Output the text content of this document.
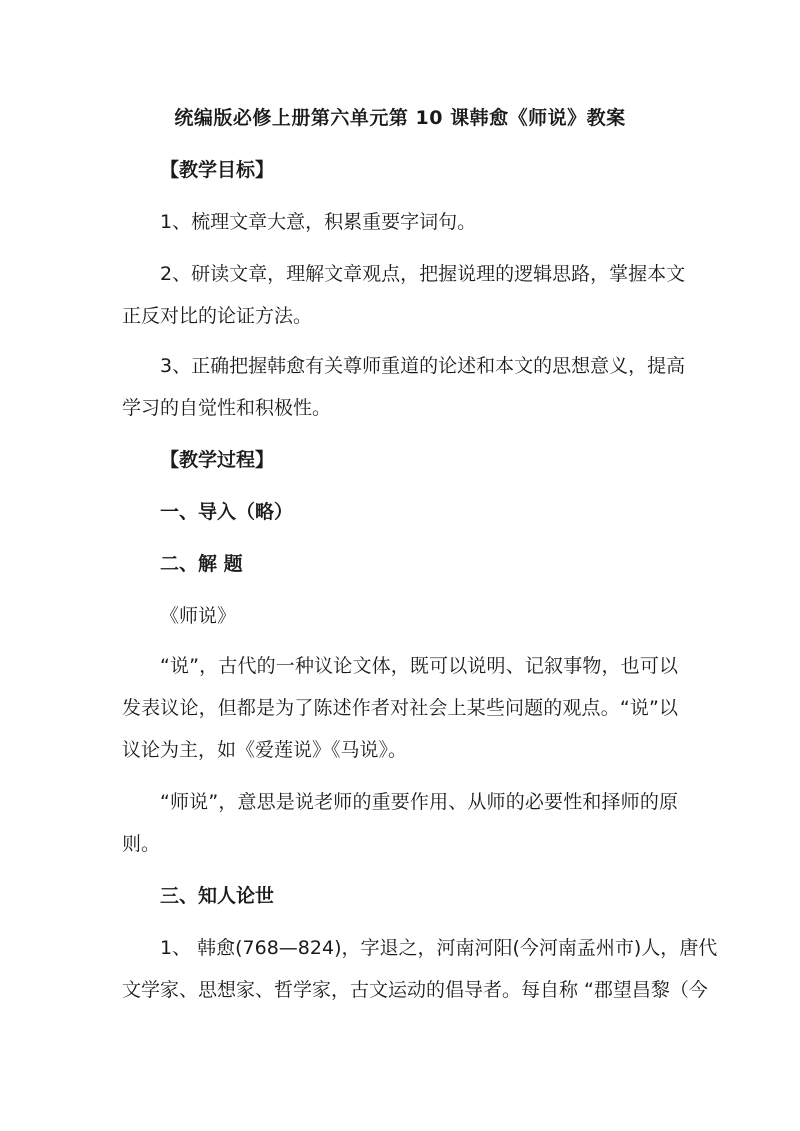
统编版必修上册第六单元第 10 课韩愈《师说》教案
【教学目标】
1、梳理文章大意，积累重要字词句。
2、研读文章，理解文章观点，把握说理的逻辑思路，掌握本文
正反对比的论证方法。
3、正确把握韩愈有关尊师重道的论述和本文的思想意义，提高
学习的自觉性和积极性。
【教学过程】
一、导入（略）
二、解 题
《师说》
“说”，古代的一种议论文体，既可以说明、记叙事物，也可以
发表议论，但都是为了陈述作者对社会上某些问题的观点。“说”以
议论为主，如《爱莲说》《马说》。
“师说”，意思是说老师的重要作用、从师的必要性和择师的原
则。
三、知人论世
1、 韩愈(768—824)，字退之，河南河阳(今河南孟州市)人，唐代
文学家、思想家、哲学家，古文运动的倡导者。每自称 “郡望昌黎（今
